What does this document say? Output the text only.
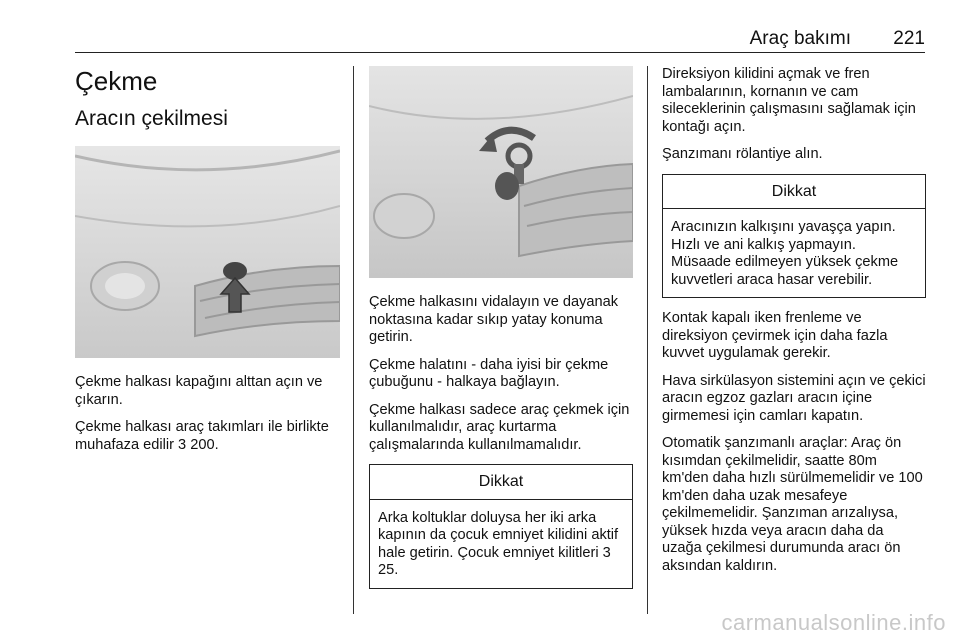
Araç bakımı 221
Çekme
Aracın çekilmesi

Çekme halkası kapağını alttan açın ve çıkarın.

Çekme halkası araç takımları ile birlikte muhafaza edilir 3 200.

Çekme halkasını vidalayın ve dayanak noktasına kadar sıkıp yatay konuma getirin.

Çekme halatını - daha iyisi bir çekme çubuğunu - halkaya bağlayın.

Çekme halkası sadece araç çekmek için kullanılmalıdır, araç kurtarma çalışmalarında kullanılmamalıdır.

Dikkat
Arka koltuklar doluysa her iki arka kapının da çocuk emniyet kilidini aktif hale getirin. Çocuk emniyet kilitleri 3 25.

Direksiyon kilidini açmak ve fren lambalarının, kornanın ve cam sileceklerinin çalışmasını sağlamak için kontağı açın.

Şanzımanı rölantiye alın.

Dikkat
Aracınızın kalkışını yavaşça yapın. Hızlı ve ani kalkış yapmayın. Müsaade edilmeyen yüksek çekme kuvvetleri araca hasar verebilir.

Kontak kapalı iken frenleme ve direksiyon çevirmek için daha fazla kuvvet uygulamak gerekir.

Hava sirkülasyon sistemini açın ve çekici aracın egzoz gazları aracın içine girmemesi için camları kapatın.

Otomatik şanzımanlı araçlar: Araç ön kısımdan çekilmelidir, saatte 80m km'den daha hızlı sürülmemelidir ve 100 km'den daha uzak mesafeye çekilmemelidir. Şanzıman arızalıysa, yüksek hızda veya aracın daha da uzağa çekilmesi durumunda aracı ön aksından kaldırın.

carmanualsonline.info
